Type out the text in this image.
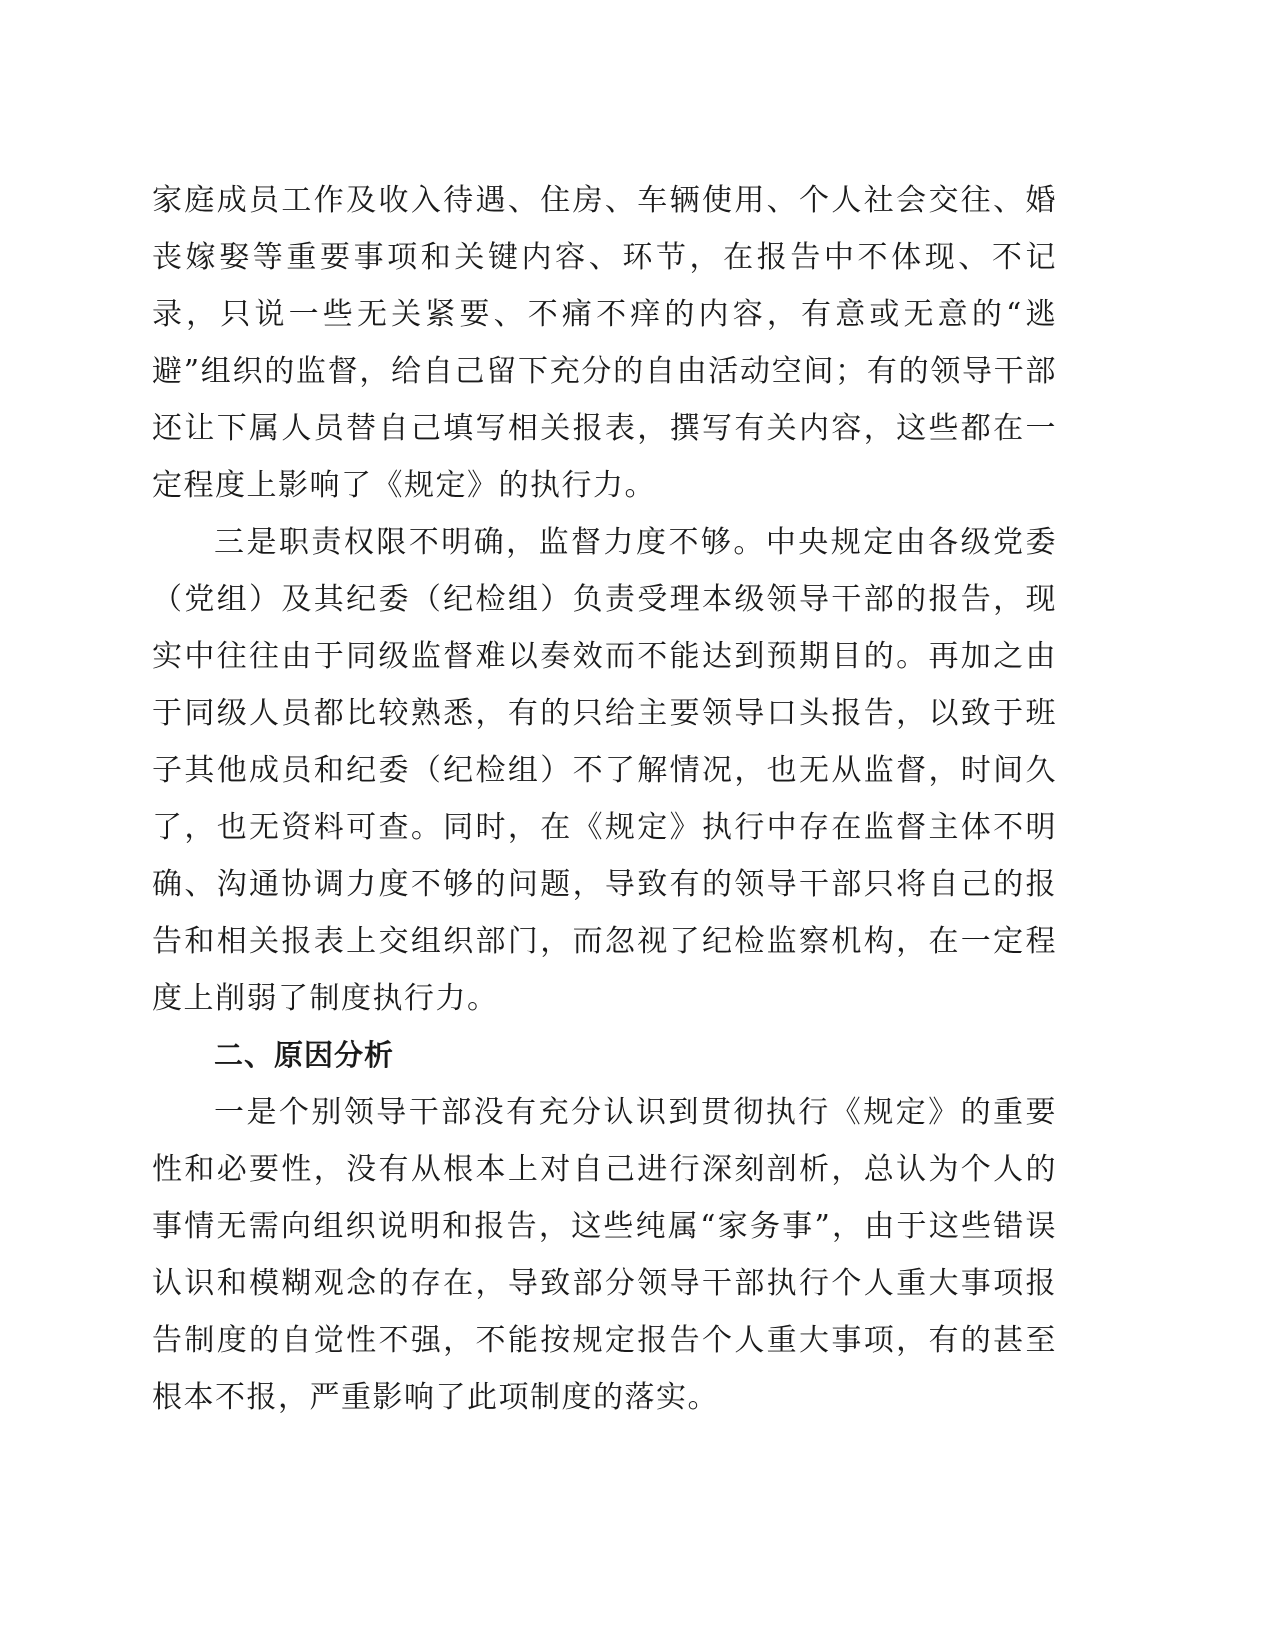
家庭成员工作及收入待遇、住房、车辆使用、个人社会交往、婚丧嫁娶等重要事项和关键内容、环节，在报告中不体现、不记录，只说一些无关紧要、不痛不痒的内容，有意或无意的“逃避”组织的监督，给自己留下充分的自由活动空间；有的领导干部还让下属人员替自己填写相关报表，撰写有关内容，这些都在一定程度上影响了《规定》的执行力。

三是职责权限不明确，监督力度不够。中央规定由各级党委（党组）及其纪委（纪检组）负责受理本级领导干部的报告，现实中往往由于同级监督难以奏效而不能达到预期目的。再加之由于同级人员都比较熟悉，有的只给主要领导口头报告，以致于班子其他成员和纪委（纪检组）不了解情况，也无从监督，时间久了，也无资料可查。同时，在《规定》执行中存在监督主体不明确、沟通协调力度不够的问题，导致有的领导干部只将自己的报告和相关报表上交组织部门，而忽视了纪检监察机构，在一定程度上削弱了制度执行力。

二、原因分析

一是个别领导干部没有充分认识到贯彻执行《规定》的重要性和必要性，没有从根本上对自己进行深刻剖析，总认为个人的事情无需向组织说明和报告，这些纯属“家务事”，由于这些错误认识和模糊观念的存在，导致部分领导干部执行个人重大事项报告制度的自觉性不强，不能按规定报告个人重大事项，有的甚至根本不报，严重影响了此项制度的落实。
